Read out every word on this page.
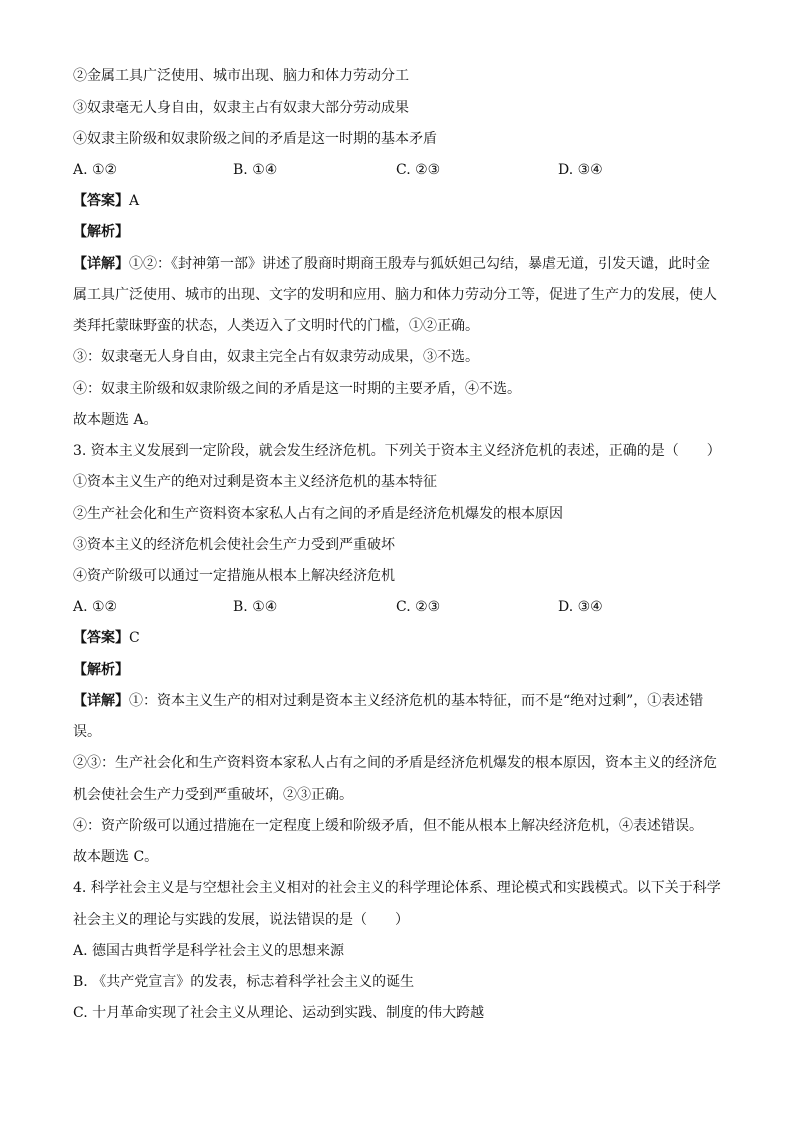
②金属工具广泛使用、城市出现、脑力和体力劳动分工
③奴隶毫无人身自由，奴隶主占有奴隶大部分劳动成果
④奴隶主阶级和奴隶阶级之间的矛盾是这一时期的基本矛盾
A. ①②	B. ①④	C. ②③	D. ③④
【答案】A
【解析】
【详解】①②：《封神第一部》讲述了殷商时期商王殷寿与狐妖妲己勾结，暴虐无道，引发天谴，此时金
属工具广泛使用、城市的出现、文字的发明和应用、脑力和体力劳动分工等，促进了生产力的发展，使人
类拜托蒙昧野蛮的状态，人类迈入了文明时代的门槛，①②正确。
③：奴隶毫无人身自由，奴隶主完全占有奴隶劳动成果，③不选。
④：奴隶主阶级和奴隶阶级之间的矛盾是这一时期的主要矛盾，④不选。
故本题选 A。
3. 资本主义发展到一定阶段，就会发生经济危机。下列关于资本主义经济危机的表述，正确的是（　　）
①资本主义生产的绝对过剩是资本主义经济危机的基本特征
②生产社会化和生产资料资本家私人占有之间的矛盾是经济危机爆发的根本原因
③资本主义的经济危机会使社会生产力受到严重破坏
④资产阶级可以通过一定措施从根本上解决经济危机
A. ①②	B. ①④	C. ②③	D. ③④
【答案】C
【解析】
【详解】①：资本主义生产的相对过剩是资本主义经济危机的基本特征，而不是“绝对过剩”，①表述错
误。
②③：生产社会化和生产资料资本家私人占有之间的矛盾是经济危机爆发的根本原因，资本主义的经济危
机会使社会生产力受到严重破坏，②③正确。
④：资产阶级可以通过措施在一定程度上缓和阶级矛盾，但不能从根本上解决经济危机，④表述错误。
故本题选 C。
4. 科学社会主义是与空想社会主义相对的社会主义的科学理论体系、理论模式和实践模式。以下关于科学
社会主义的理论与实践的发展，说法错误的是（　　）
A. 德国古典哲学是科学社会主义的思想来源
B. 《共产党宣言》的发表，标志着科学社会主义的诞生
C. 十月革命实现了社会主义从理论、运动到实践、制度的伟大跨越
